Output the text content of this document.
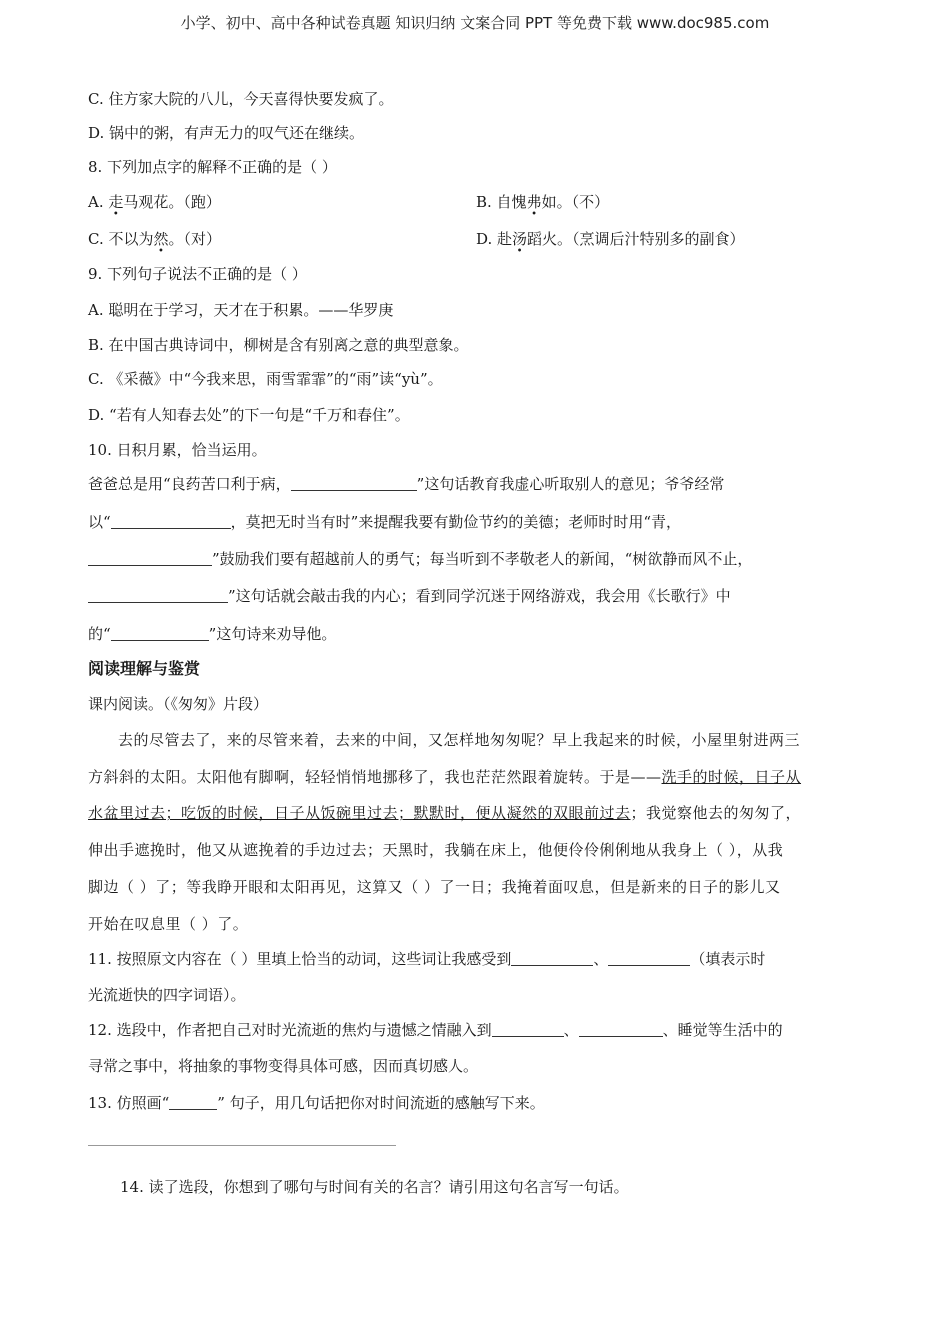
小学、初中、高中各种试卷真题 知识归纳 文案合同 PPT 等免费下载 www.doc985.com
C. 住方家大院的八儿，今天喜得快要发疯了。
D. 锅中的粥，有声无力的叹气还在继续。
8. 下列加点字的解释不正确的是（ ）
A. 走马观花。（跑）	B. 自愧弗如。（不）
C. 不以为然。（对）	D. 赴汤蹈火。（烹调后汁特别多的副食）
9. 下列句子说法不正确的是（ ）
A. 聪明在于学习，天才在于积累。——华罗庚
B. 在中国古典诗词中，柳树是含有别离之意的典型意象。
C. 《采薇》中“今我来思，雨雪霏霏”的“雨”读“yù”。
D. “若有人知春去处”的下一句是“千万和春住”。
10. 日积月累，恰当运用。
爸爸总是用“良药苦口利于病，	”这句话教育我虚心听取别人的意见；爷爷经常
以“	，莫把无时当有时”来提醒我要有勤俭节约的美德；老师时时用“青，
”鼓励我们要有超越前人的勇气；每当听到不孝敬老人的新闻，“树欲静而风不止，
”这句话就会敲击我的内心；看到同学沉迷于网络游戏，我会用《长歌行》中
的“	”这句诗来劝导他。
阅读理解与鉴赏
课内阅读。（《匆匆》片段）
去的尽管去了，来的尽管来着，去来的中间，又怎样地匆匆呢？早上我起来的时候，小屋里射进两三
方斜斜的太阳。太阳他有脚啊，轻轻悄悄地挪移了，我也茫茫然跟着旋转。于是——洗手的时候，日子从
水盆里过去；吃饭的时候，日子从饭碗里过去；默默时，便从凝然的双眼前过去；我觉察他去的匆匆了，
伸出手遮挽时，他又从遮挽着的手边过去；天黑时，我躺在床上，他便伶伶俐俐地从我身上（ ），从我
脚边（ ）了；等我睁开眼和太阳再见，这算又（ ）了一日；我掩着面叹息，但是新来的日子的影儿又
开始在叹息里（ ）了。
11. 按照原文内容在（ ）里填上恰当的动词，这些词让我感受到	、	（填表示时
光流逝快的四字词语）。
12. 选段中，作者把自己对时光流逝的焦灼与遗憾之情融入到	、	、睡觉等生活中的
寻常之事中，将抽象的事物变得具体可感，因而真切感人。
13. 仿照画“	” 句子，用几句话把你对时间流逝的感触写下来。
14. 读了选段，你想到了哪句与时间有关的名言？请引用这句名言写一句话。
